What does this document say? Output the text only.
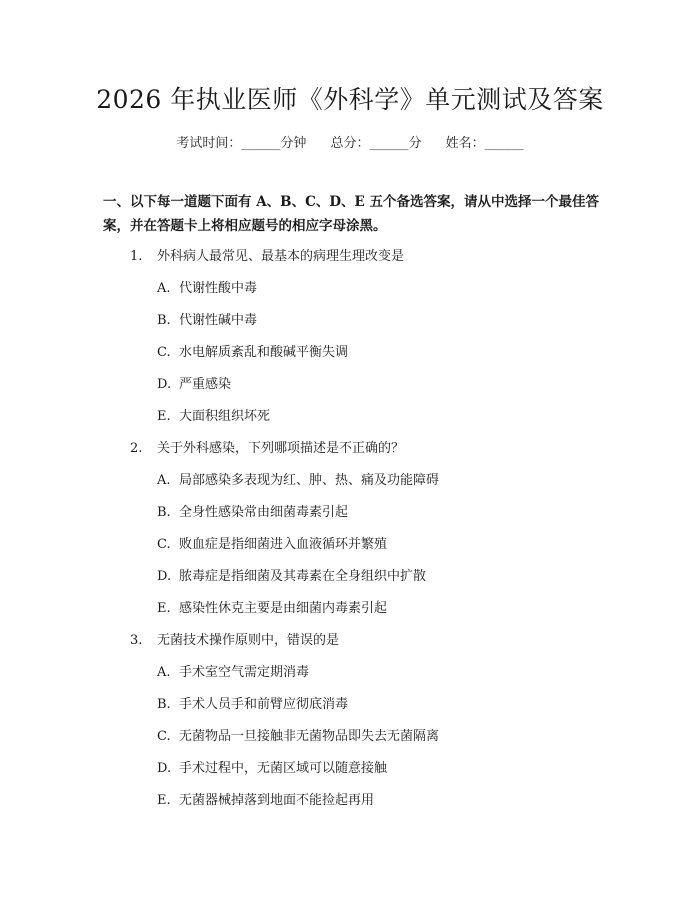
2026 年执业医师《外科学》单元测试及答案
考试时间：______分钟 总分：______分 姓名：______
一、以下每一道题下面有 A、B、C、D、E 五个备选答案，请从中选择一个最佳答案，并在答题卡上将相应题号的相应字母涂黑。
1. 外科病人最常见、最基本的病理生理改变是
A. 代谢性酸中毒
B. 代谢性碱中毒
C. 水电解质紊乱和酸碱平衡失调
D. 严重感染
E. 大面积组织坏死
2. 关于外科感染，下列哪项描述是不正确的？
A. 局部感染多表现为红、肿、热、痛及功能障碍
B. 全身性感染常由细菌毒素引起
C. 败血症是指细菌进入血液循环并繁殖
D. 脓毒症是指细菌及其毒素在全身组织中扩散
E. 感染性休克主要是由细菌内毒素引起
3. 无菌技术操作原则中，错误的是
A. 手术室空气需定期消毒
B. 手术人员手和前臂应彻底消毒
C. 无菌物品一旦接触非无菌物品即失去无菌隔离
D. 手术过程中，无菌区域可以随意接触
E. 无菌器械掉落到地面不能捡起再用
